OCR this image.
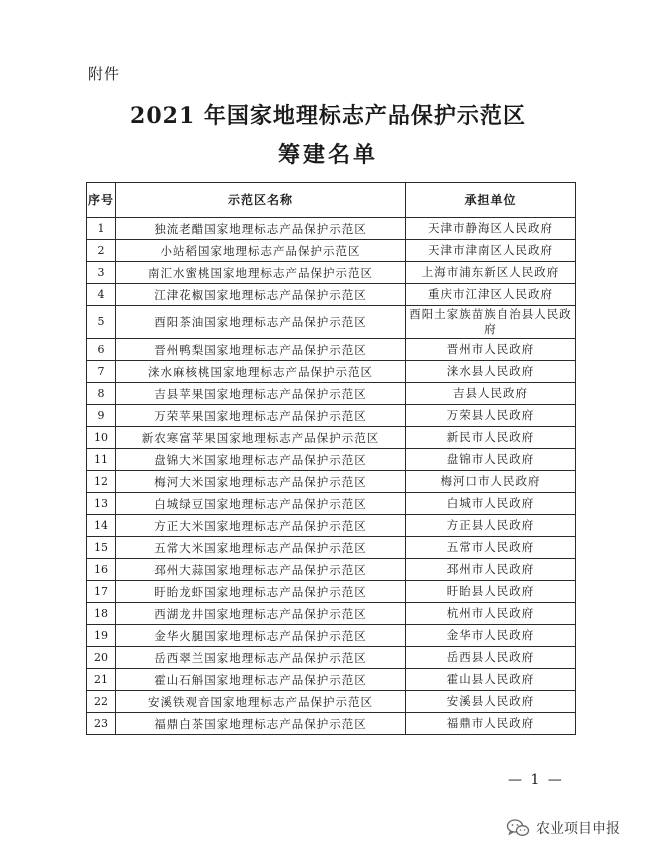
附件
2021 年国家地理标志产品保护示范区
筹建名单
序号	示范区名称	承担单位
1	独流老醋国家地理标志产品保护示范区	天津市静海区人民政府
2	小站稻国家地理标志产品保护示范区	天津市津南区人民政府
3	南汇水蜜桃国家地理标志产品保护示范区	上海市浦东新区人民政府
4	江津花椒国家地理标志产品保护示范区	重庆市江津区人民政府
5	酉阳茶油国家地理标志产品保护示范区	酉阳土家族苗族自治县人民政府
6	晋州鸭梨国家地理标志产品保护示范区	晋州市人民政府
7	涞水麻核桃国家地理标志产品保护示范区	涞水县人民政府
8	吉县苹果国家地理标志产品保护示范区	吉县人民政府
9	万荣苹果国家地理标志产品保护示范区	万荣县人民政府
10	新农寒富苹果国家地理标志产品保护示范区	新民市人民政府
11	盘锦大米国家地理标志产品保护示范区	盘锦市人民政府
12	梅河大米国家地理标志产品保护示范区	梅河口市人民政府
13	白城绿豆国家地理标志产品保护示范区	白城市人民政府
14	方正大米国家地理标志产品保护示范区	方正县人民政府
15	五常大米国家地理标志产品保护示范区	五常市人民政府
16	邳州大蒜国家地理标志产品保护示范区	邳州市人民政府
17	盱眙龙虾国家地理标志产品保护示范区	盱眙县人民政府
18	西湖龙井国家地理标志产品保护示范区	杭州市人民政府
19	金华火腿国家地理标志产品保护示范区	金华市人民政府
20	岳西翠兰国家地理标志产品保护示范区	岳西县人民政府
21	霍山石斛国家地理标志产品保护示范区	霍山县人民政府
22	安溪铁观音国家地理标志产品保护示范区	安溪县人民政府
23	福鼎白茶国家地理标志产品保护示范区	福鼎市人民政府
— 1 —
农业项目申报
